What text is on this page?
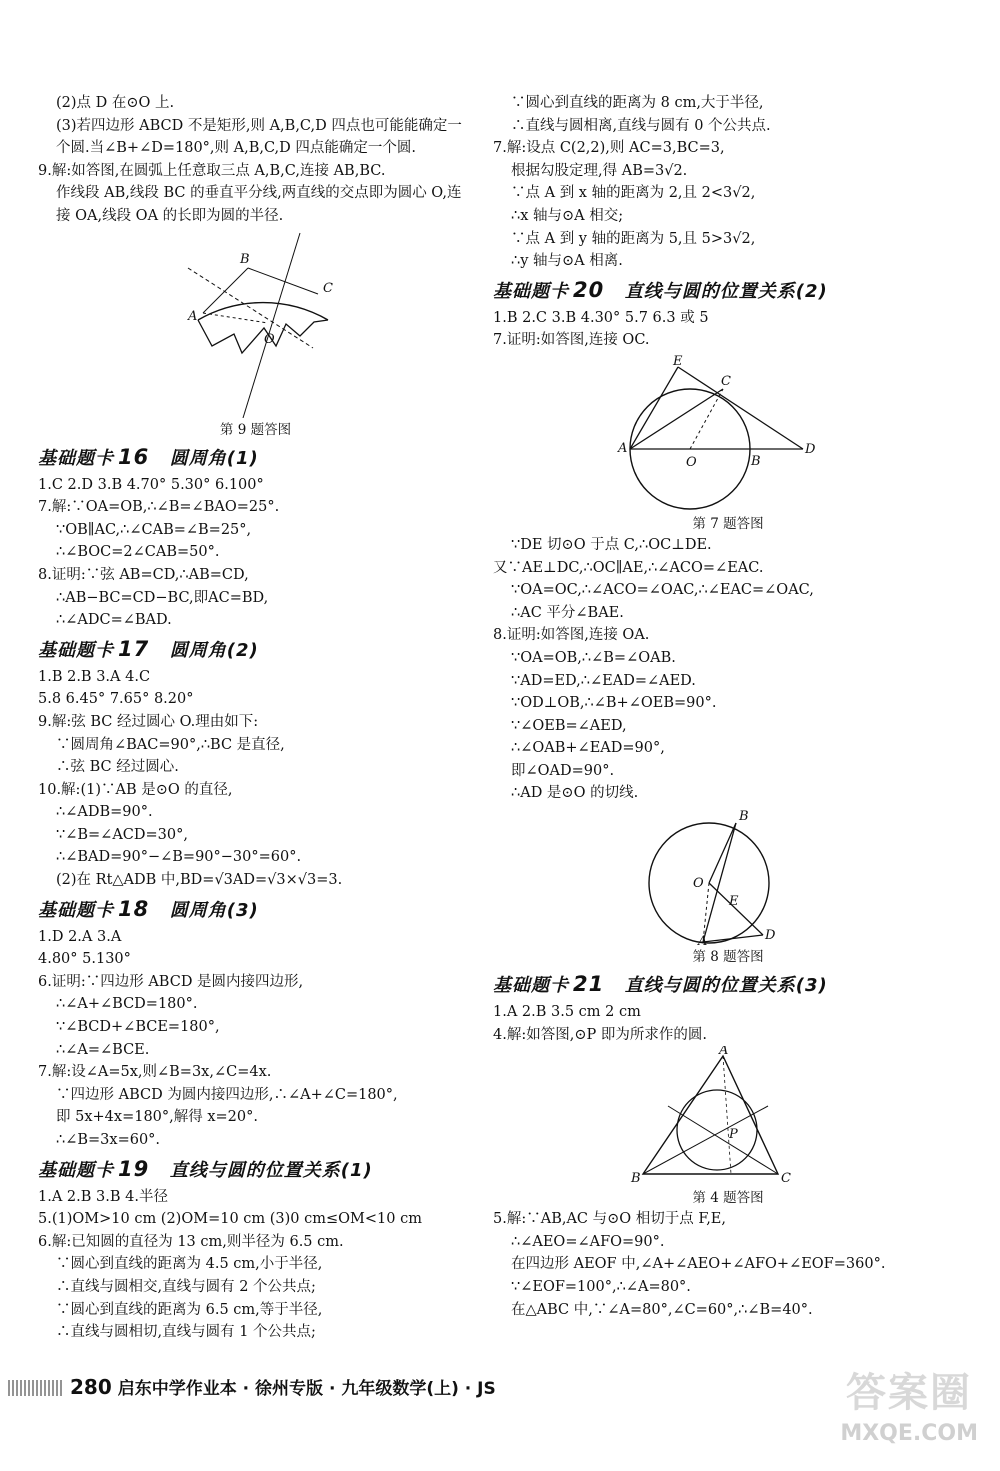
(2)点 D 在⊙O 上.
(3)若四边形 ABCD 不是矩形,则 A,B,C,D 四点也可能能确定一个圆.当∠B+∠D=180°,则 A,B,C,D 四点能确定一个圆.
9.解:如答图,在圆弧上任意取三点 A,B,C,连接 AB,BC.
作线段 AB,线段 BC 的垂直平分线,两直线的交点即为圆心 O,连接 OA,线段 OA 的长即为圆的半径.
B
C
A
O
第 9 题答图
基础题卡 16 圆周角(1)
1.C 2.D 3.B 4.70° 5.30° 6.100°
7.解:∵OA=OB,∴∠B=∠BAO=25°.
∵OB∥AC,∴∠CAB=∠B=25°,
∴∠BOC=2∠CAB=50°.
8.证明:∵弦 AB=CD,∴AB=CD,
∴AB−BC=CD−BC,即AC=BD,
∴∠ADC=∠BAD.
基础题卡 17 圆周角(2)
1.B 2.B 3.A 4.C
5.8 6.45° 7.65° 8.20°
9.解:弦 BC 经过圆心 O.理由如下:
∵圆周角∠BAC=90°,∴BC 是直径,
∴弦 BC 经过圆心.
10.解:(1)∵AB 是⊙O 的直径,
∴∠ADB=90°.
∵∠B=∠ACD=30°,
∴∠BAD=90°−∠B=90°−30°=60°.
(2)在 Rt△ADB 中,BD=√3AD=√3×√3=3.
基础题卡 18 圆周角(3)
1.D 2.A 3.A
4.80° 5.130°
6.证明:∵四边形 ABCD 是圆内接四边形,
∴∠A+∠BCD=180°.
∵∠BCD+∠BCE=180°,
∴∠A=∠BCE.
7.解:设∠A=5x,则∠B=3x,∠C=4x.
∵四边形 ABCD 为圆内接四边形,∴∠A+∠C=180°,
即 5x+4x=180°,解得 x=20°.
∴∠B=3x=60°.
基础题卡 19 直线与圆的位置关系(1)
1.A 2.B 3.B 4.半径
5.(1)OM>10 cm (2)OM=10 cm (3)0 cm≤OM<10 cm
6.解:已知圆的直径为 13 cm,则半径为 6.5 cm.
∵圆心到直线的距离为 4.5 cm,小于半径,
∴直线与圆相交,直线与圆有 2 个公共点;
∵圆心到直线的距离为 6.5 cm,等于半径,
∴直线与圆相切,直线与圆有 1 个公共点;
∵圆心到直线的距离为 8 cm,大于半径,
∴直线与圆相离,直线与圆有 0 个公共点.
7.解:设点 C(2,2),则 AC=3,BC=3,
根据勾股定理,得 AB=3√2.
∵点 A 到 x 轴的距离为 2,且 2<3√2,
∴x 轴与⊙A 相交;
∵点 A 到 y 轴的距离为 5,且 5>3√2,
∴y 轴与⊙A 相离.
基础题卡 20 直线与圆的位置关系(2)
1.B 2.C 3.B 4.30° 5.7 6.3 或 5
7.证明:如答图,连接 OC.
E
C
A
O	B
D
第 7 题答图
∵DE 切⊙O 于点 C,∴OC⊥DE.
又∵AE⊥DC,∴OC∥AE,∴∠ACO=∠EAC.
∵OA=OC,∴∠ACO=∠OAC,∴∠EAC=∠OAC,
∴AC 平分∠BAE.
8.证明:如答图,连接 OA.
∵OA=OB,∴∠B=∠OAB.
∵AD=ED,∴∠EAD=∠AED.
∵OD⊥OB,∴∠B+∠OEB=90°.
∵∠OEB=∠AED,
∴∠OAB+∠EAD=90°,
即∠OAD=90°.
∴AD 是⊙O 的切线.
B
O
E
A	D
第 8 题答图
基础题卡 21 直线与圆的位置关系(3)
1.A 2.B 3.5 cm 2 cm
4.解:如答图,⊙P 即为所求作的圆.
A
P
B	C
第 4 题答图
5.解:∵AB,AC 与⊙O 相切于点 F,E,
∴∠AEO=∠AFO=90°.
在四边形 AEOF 中,∠A+∠AEO+∠AFO+∠EOF=360°.
∵∠EOF=100°,∴∠A=80°.
在△ABC 中,∵∠A=80°,∠C=60°,∴∠B=40°.
280 启东中学作业本 · 徐州专版 · 九年级数学(上) · JS	答案圈
MXQE.COM
